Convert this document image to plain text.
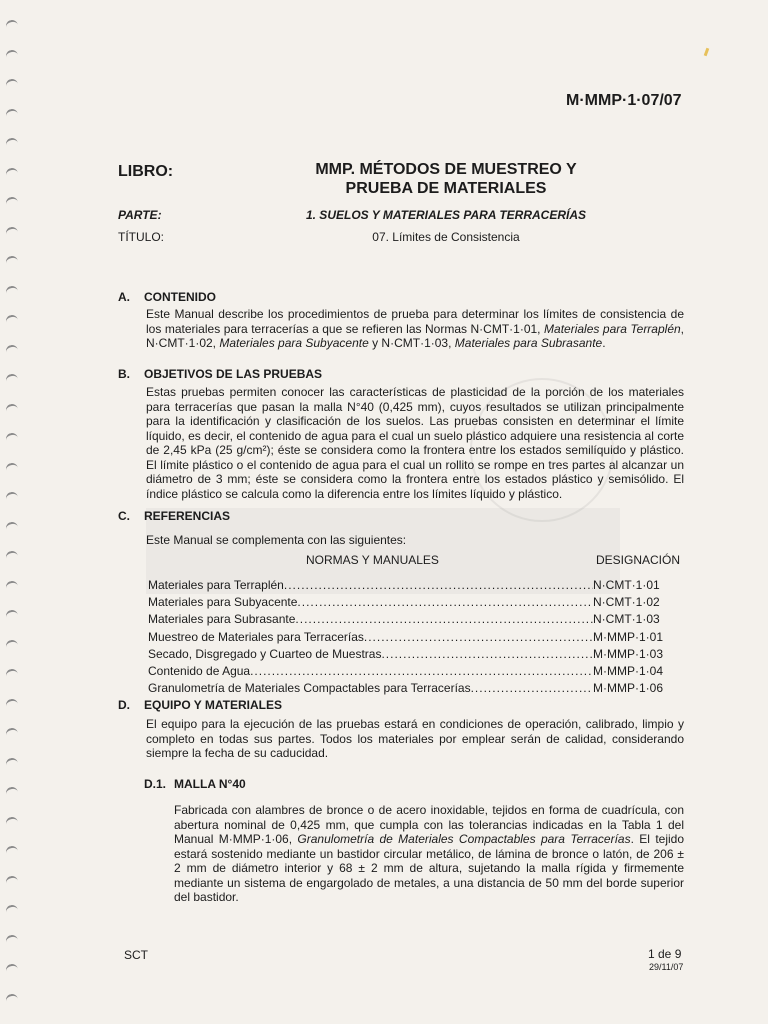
M·MMP·1·07/07
LIBRO:	MMP. MÉTODOS DE MUESTREO Y
PRUEBA DE MATERIALES
PARTE:	1. SUELOS Y MATERIALES PARA TERRACERÍAS
TÍTULO:	07. Límites de Consistencia
A. CONTENIDO
Este Manual describe los procedimientos de prueba para determinar los límites de consistencia de los materiales para terracerías a que se refieren las Normas N·CMT·1·01, Materiales para Terraplén, N·CMT·1·02, Materiales para Subyacente y N·CMT·1·03, Materiales para Subrasante.
B. OBJETIVOS DE LAS PRUEBAS
Estas pruebas permiten conocer las características de plasticidad de la porción de los materiales para terracerías que pasan la malla N°40 (0,425 mm), cuyos resultados se utilizan principalmente para la identificación y clasificación de los suelos. Las pruebas consisten en determinar el límite líquido, es decir, el contenido de agua para el cual un suelo plástico adquiere una resistencia al corte de 2,45 kPa (25 g/cm²); éste se considera como la frontera entre los estados semilíquido y plástico. El límite plástico o el contenido de agua para el cual un rollito se rompe en tres partes al alcanzar un diámetro de 3 mm; éste se considera como la frontera entre los estados plástico y semisólido. El índice plástico se calcula como la diferencia entre los límites líquido y plástico.
C. REFERENCIAS
Este Manual se complementa con las siguientes:
NORMAS Y MANUALES	DESIGNACIÓN
Materiales para Terraplén .....	N·CMT·1·01
Materiales para Subyacente .....	N·CMT·1·02
Materiales para Subrasante .....	N·CMT·1·03
Muestreo de Materiales para Terracerías .....	M·MMP·1·01
Secado, Disgregado y Cuarteo de Muestras .....	M·MMP·1·03
Contenido de Agua .....	M·MMP·1·04
Granulometría de Materiales Compactables para Terracerías .....	M·MMP·1·06
D. EQUIPO Y MATERIALES
El equipo para la ejecución de las pruebas estará en condiciones de operación, calibrado, limpio y completo en todas sus partes. Todos los materiales por emplear serán de calidad, considerando siempre la fecha de su caducidad.
D.1. MALLA N°40
Fabricada con alambres de bronce o de acero inoxidable, tejidos en forma de cuadrícula, con abertura nominal de 0,425 mm, que cumpla con las tolerancias indicadas en la Tabla 1 del Manual M·MMP·1·06, Granulometría de Materiales Compactables para Terracerías. El tejido estará sostenido mediante un bastidor circular metálico, de lámina de bronce o latón, de 206 ± 2 mm de diámetro interior y 68 ± 2 mm de altura, sujetando la malla rígida y firmemente mediante un sistema de engargolado de metales, a una distancia de 50 mm del borde superior del bastidor.
SCT	1 de 9
29/11/07
